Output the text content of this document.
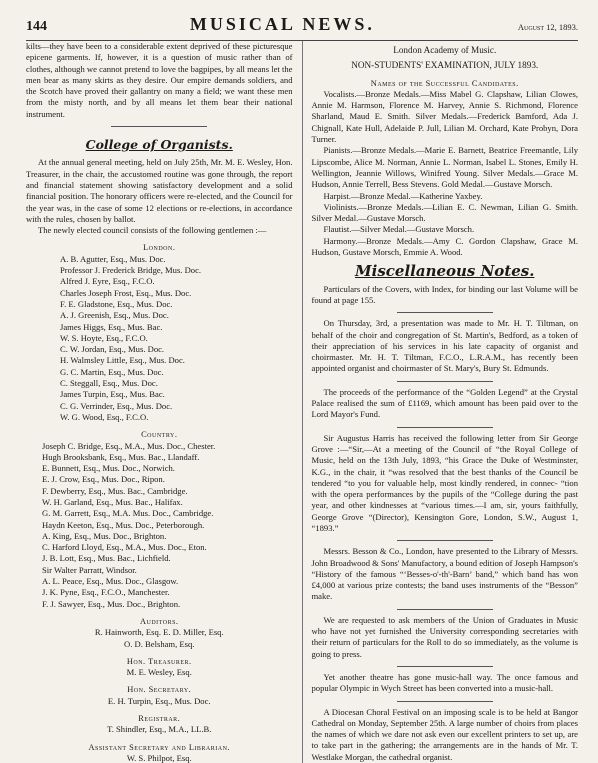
144	MUSICAL NEWS.	August 12, 1893.

kilts—they have been to a considerable extent deprived of these picturesque epicene garments. If, however, it is a question of music rather than of clothes, although we cannot pretend to love the bagpipes, by all means let the men bear as many skirts as they desire. Our empire demands soldiers, and the Scotch have proved their gallantry on many a field; we want these men from the misty north, and by all means let them bear their national instrument.

College of Organists.

At the annual general meeting, held on July 25th, Mr. M. E. Wesley, Hon. Treasurer, in the chair, the accustomed routine was gone through, the report and financial statement showing satisfactory development and a solid financial position. The honorary officers were re-elected, and the Council for the year was, in the case of some 12 elections or re-elections, in accordance with the rules, chosen by ballot.

The newly elected council consists of the following gentlemen :—

London.
A. B. Agutter, Esq., Mus. Doc.
Professor J. Frederick Bridge, Mus. Doc.
Alfred J. Eyre, Esq., F.C.O.
Charles Joseph Frost, Esq., Mus. Doc.
F. E. Gladstone, Esq., Mus. Doc.
A. J. Greenish, Esq., Mus. Doc.
James Higgs, Esq., Mus. Bac.
W. S. Hoyte, Esq., F.C.O.
C. W. Jordan, Esq., Mus. Doc.
H. Walmsley Little, Esq., Mus. Doc.
G. C. Martin, Esq., Mus. Doc.
C. Steggall, Esq., Mus. Doc.
James Turpin, Esq., Mus. Bac.
C. G. Verrinder, Esq., Mus. Doc.
W. G. Wood, Esq., F.C.O.
Country.
Joseph C. Bridge, Esq., M.A., Mus. Doc., Chester.
Hugh Brooksbank, Esq., Mus. Bac., Llandaff.
E. Bunnett, Esq., Mus. Doc., Norwich.
E. J. Crow, Esq., Mus. Doc., Ripon.
F. Dewberry, Esq., Mus. Bac., Cambridge.
W. H. Garland, Esq., Mus. Bac., Halifax.
G. M. Garrett, Esq., M.A. Mus. Doc., Cambridge.
Haydn Keeton, Esq., Mus. Doc., Peterborough.
A. King, Esq., Mus. Doc., Brighton.
C. Harford Lloyd, Esq., M.A., Mus. Doc., Eton.
J. B. Lott, Esq., Mus. Bac., Lichfield.
Sir Walter Parratt, Windsor.
A. L. Peace, Esq., Mus. Doc., Glasgow.
J. K. Pyne, Esq., F.C.O., Manchester.
F. J. Sawyer, Esq., Mus. Doc., Brighton.
Auditors.
R. Hainworth, Esq. E. D. Miller, Esq.
O. D. Belsham, Esq.
Hon. Treasurer.
M. E. Wesley, Esq.
Hon. Secretary.
E. H. Turpin, Esq., Mus. Doc.
Registrar.
T. Shindler, Esq., M.A., LL.B.
Assistant Secretary and Librarian.
W. S. Philpot, Esq.
London Academy of Music.
NON-STUDENTS' EXAMINATION, JULY 1893.
Names of the Successful Candidates.

Vocalists.—Bronze Medals.—Miss Mabel G. Clapshaw, Lilian Clowes, Annie M. Harmson, Florence M. Harvey, Annie S. Richmond, Florence Sharland, Maud E. Smith. Silver Medals.—Frederick Bamford, Ada J. Chignall, Kate Hull, Adelaide P. Jull, Lilian M. Orchard, Kate Probyn, Dora Turner.

Pianists.—Bronze Medals.—Marie E. Barnett, Beatrice Freemantle, Lily Lipscombe, Alice M. Norman, Annie L. Norman, Isabel L. Stones, Emily H. Wellington, Jeannie Willows, Winifred Young. Silver Medals.—Grace M. Hudson, Annie Terrell, Bess Stevens. Gold Medal.—Gustave Morsch.

Harpist.—Bronze Medal.—Katherine Yaxbey.

Violinists.—Bronze Medals.—Lilian E. C. Newman, Lilian G. Smith. Silver Medal.—Gustave Morsch.

Flautist.—Silver Medal.—Gustave Morsch.

Harmony.—Bronze Medals.—Amy C. Gordon Clapshaw, Grace M. Hudson, Gustave Morsch, Emmie A. Wood.

Miscellaneous Notes.

Particulars of the Covers, with Index, for binding our last Volume will be found at page 155.

On Thursday, 3rd, a presentation was made to Mr. H. T. Tiltman, on behalf of the choir and congregation of St. Martin's, Bedford, as a token of their appreciation of his services in his late capacity of organist and choirmaster. Mr. H. T. Tiltman, F.C.O., L.R.A.M., has recently been appointed organist and choirmaster of St. Mary's, Bury St. Edmunds.

The proceeds of the performance of the “Golden Legend” at the Crystal Palace realised the sum of £1169, which amount has been paid over to the Lord Mayor's Fund.

Sir Augustus Harris has received the following letter from Sir George Grove :—“Sir,—At a meeting of the Council of “the Royal College of Music, held on the 13th July, 1893, “his Grace the Duke of Westminster, K.G., in the chair, it “was resolved that the best thanks of the Council be tendered “to you for valuable help, most kindly rendered, in connec- “tion with the opera performances by the pupils of the “College during the past year, and other kindnesses at “various times.—I am, sir, yours faithfully, George Grove “(Director), Kensington Gore, London, S.W., August 1, “1893.”

Messrs. Besson & Co., London, have presented to the Library of Messrs. John Broadwood & Sons' Manufactory, a bound edition of Joseph Hampson's “History of the famous “‘Besses-o'-th'-Barn’ band,” which band has won £4,000 at various prize contests; the band uses instruments of the “Besson” make.

We are requested to ask members of the Union of Graduates in Music who have not yet furnished the University corresponding secretaries with their return of particulars for the Roll to do so immediately, as the volume is going to press.

Yet another theatre has gone music-hall way. The once famous and popular Olympic in Wych Street has been converted into a music-hall.

A Diocesan Choral Festival on an imposing scale is to be held at Bangor Cathedral on Monday, September 25th. A large number of choirs from places the names of which we dare not ask even our excellent printers to set up, are to take part in the gathering; the arrangements are in the hands of Mr. T. Westlake Morgan, the cathedral organist.
